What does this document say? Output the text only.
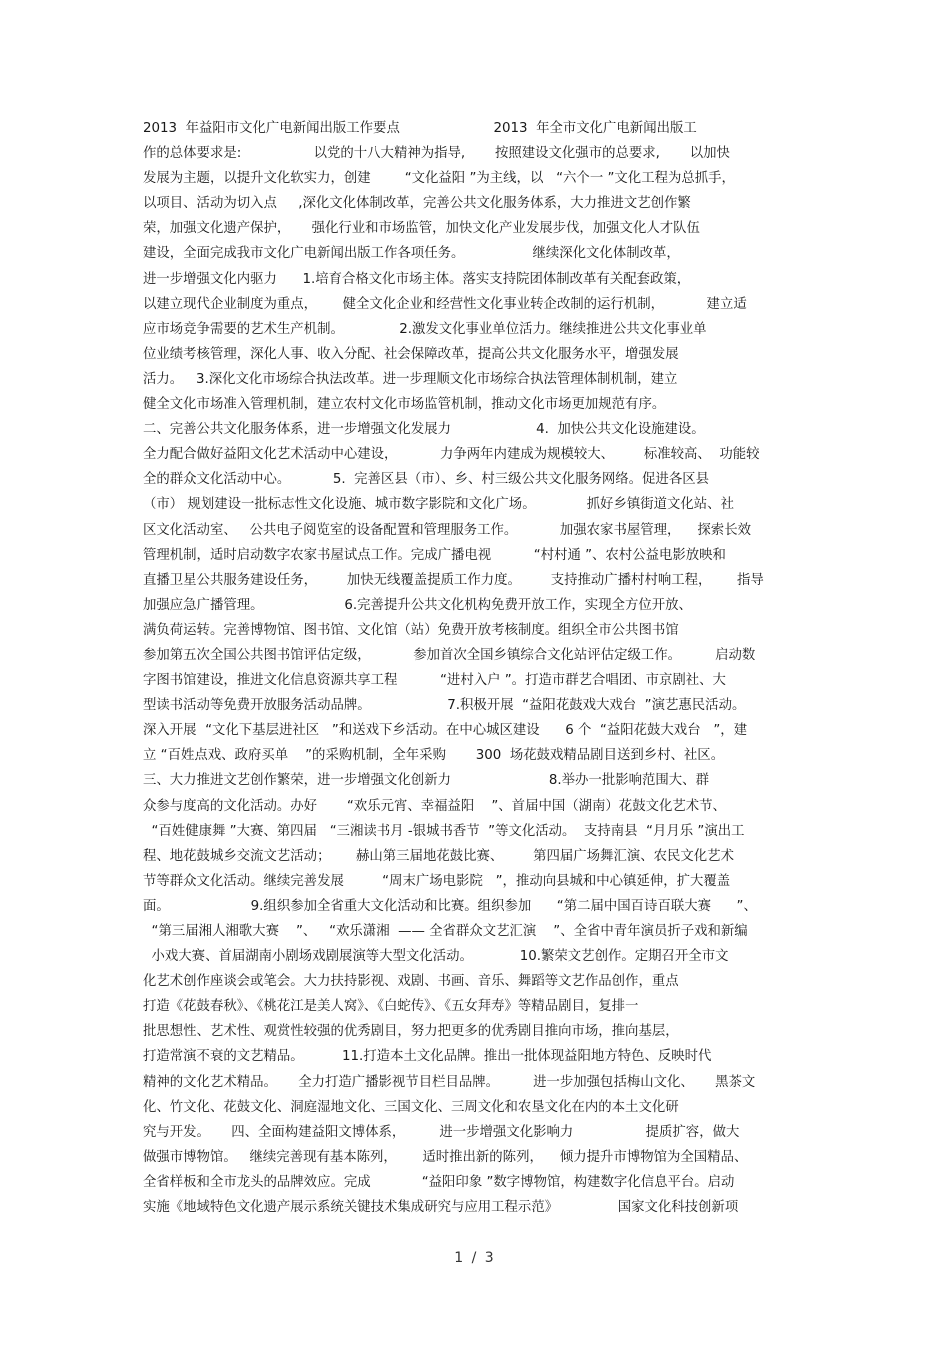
2013  年益阳市文化广电新闻出版工作要点                      2013  年全市文化广电新闻出版工
作的总体要求是:                 以党的十八大精神为指导,       按照建设文化强市的总要求,       以加快
发展为主题，以提升文化软实力，创建        “文化益阳 ”为主线，以   “六个一 ”文化工程为总抓手，
以项目、活动为切入点     ,深化文化体制改革，完善公共文化服务体系，大力推进文艺创作繁
荣，加强文化遗产保护，     强化行业和市场监管，加快文化产业发展步伐，加强文化人才队伍
建设，全面完成我市文化广电新闻出版工作各项任务。                继续深化文化体制改革，
进一步增强文化内驱力      1.培育合格文化市场主体。落实支持院团体制改革有关配套政策，
以建立现代企业制度为重点，      健全文化企业和经营性文化事业转企改制的运行机制，          建立适
应市场竞争需要的艺术生产机制。             2.激发文化事业单位活力。继续推进公共文化事业单
位业绩考核管理，深化人事、收入分配、社会保障改革，提高公共文化服务水平，增强发展
活力。   3.深化文化市场综合执法改革。进一步理顺文化市场综合执法管理体制机制，建立
健全文化市场准入管理机制，建立农村文化市场监管机制，推动文化市场更加规范有序。
二、完善公共文化服务体系，进一步增强文化发展力                    4.  加快公共文化设施建设。
全力配合做好益阳文化艺术活动中心建设，          力争两年内建成为规模较大、       标准较高、  功能较
全的群众文化活动中心。          5.  完善区县（市）、乡、村三级公共文化服务网络。促进各区县
（市） 规划建设一批标志性文化设施、城市数字影院和文化广场。            抓好乡镇街道文化站、社
区文化活动室、   公共电子阅览室的设备配置和管理服务工作。          加强农家书屋管理，    探索长效
管理机制，适时启动数字农家书屋试点工作。完成广播电视          “村村通 ”、农村公益电影放映和
直播卫星公共服务建设任务，       加快无线覆盖提质工作力度。       支持推动广播村村响工程，      指导
加强应急广播管理。                   6.完善提升公共文化机构免费开放工作，实现全方位开放、
满负荷运转。完善博物馆、图书馆、文化馆（站）免费开放考核制度。组织全市公共图书馆
参加第五次全国公共图书馆评估定级，          参加首次全国乡镇综合文化站评估定级工作。        启动数
字图书馆建设，推进文化信息资源共享工程          “进村入户 ”。打造市群艺合唱团、市京剧社、大
型读书活动等免费开放服务活动品牌。                  7.积极开展  “益阳花鼓戏大戏台  ”演艺惠民活动。
深入开展  “文化下基层进社区   ”和送戏下乡活动。在中心城区建设      6 个  “益阳花鼓大戏台   ”，建
立 “百姓点戏、政府买单    ”的采购机制，全年采购       300  场花鼓戏精品剧目送到乡村、社区。
三、大力推进文艺创作繁荣，进一步增强文化创新力                       8.举办一批影响范围大、群
众参与度高的文化活动。办好       “欢乐元宵、幸福益阳    ”、首届中国（湖南）花鼓文化艺术节、
“百姓健康舞 ”大赛、第四届   “三湘读书月 -银城书香节  ”等文化活动。  支持南县  “月月乐 ”演出工
程、地花鼓城乡交流文艺活动；      赫山第三届地花鼓比赛、       第四届广场舞汇演、农民文化艺术
节等群众文化活动。继续完善发展         “周末广场电影院   ”，推动向县城和中心镇延伸，扩大覆盖
面。                   9.组织参加全省重大文化活动和比赛。组织参加      “第二届中国百诗百联大赛      ”、
“第三届湘人湘歌大赛    ”、   “欢乐潇湘  —— 全省群众文艺汇演    ”、全省中青年演员折子戏和新编
小戏大赛、首届湖南小剧场戏剧展演等大型文化活动。           10.繁荣文艺创作。定期召开全市文
化艺术创作座谈会或笔会。大力扶持影视、戏剧、书画、音乐、舞蹈等文艺作品创作，重点
打造《花鼓春秋》、《桃花江是美人窝》、《白蛇传》、《五女拜寿》等精品剧目，复排一
批思想性、艺术性、观赏性较强的优秀剧目，努力把更多的优秀剧目推向市场，推向基层，
打造常演不衰的文艺精品。         11.打造本土文化品牌。推出一批体现益阳地方特色、反映时代
精神的文化艺术精品。     全力打造广播影视节目栏目品牌。        进一步加强包括梅山文化、     黑茶文
化、竹文化、花鼓文化、洞庭湿地文化、三国文化、三周文化和农垦文化在内的本土文化研
究与开发。     四、全面构建益阳文博体系，        进一步增强文化影响力                 提质扩容，做大
做强市博物馆。   继续完善现有基本陈列，      适时推出新的陈列，    倾力提升市博物馆为全国精品、
全省样板和全市龙头的品牌效应。完成            “益阳印象 ”数字博物馆，构建数字化信息平台。启动
实施《地域特色文化遗产展示系统关键技术集成研究与应用工程示范》              国家文化科技创新项
1 / 3
